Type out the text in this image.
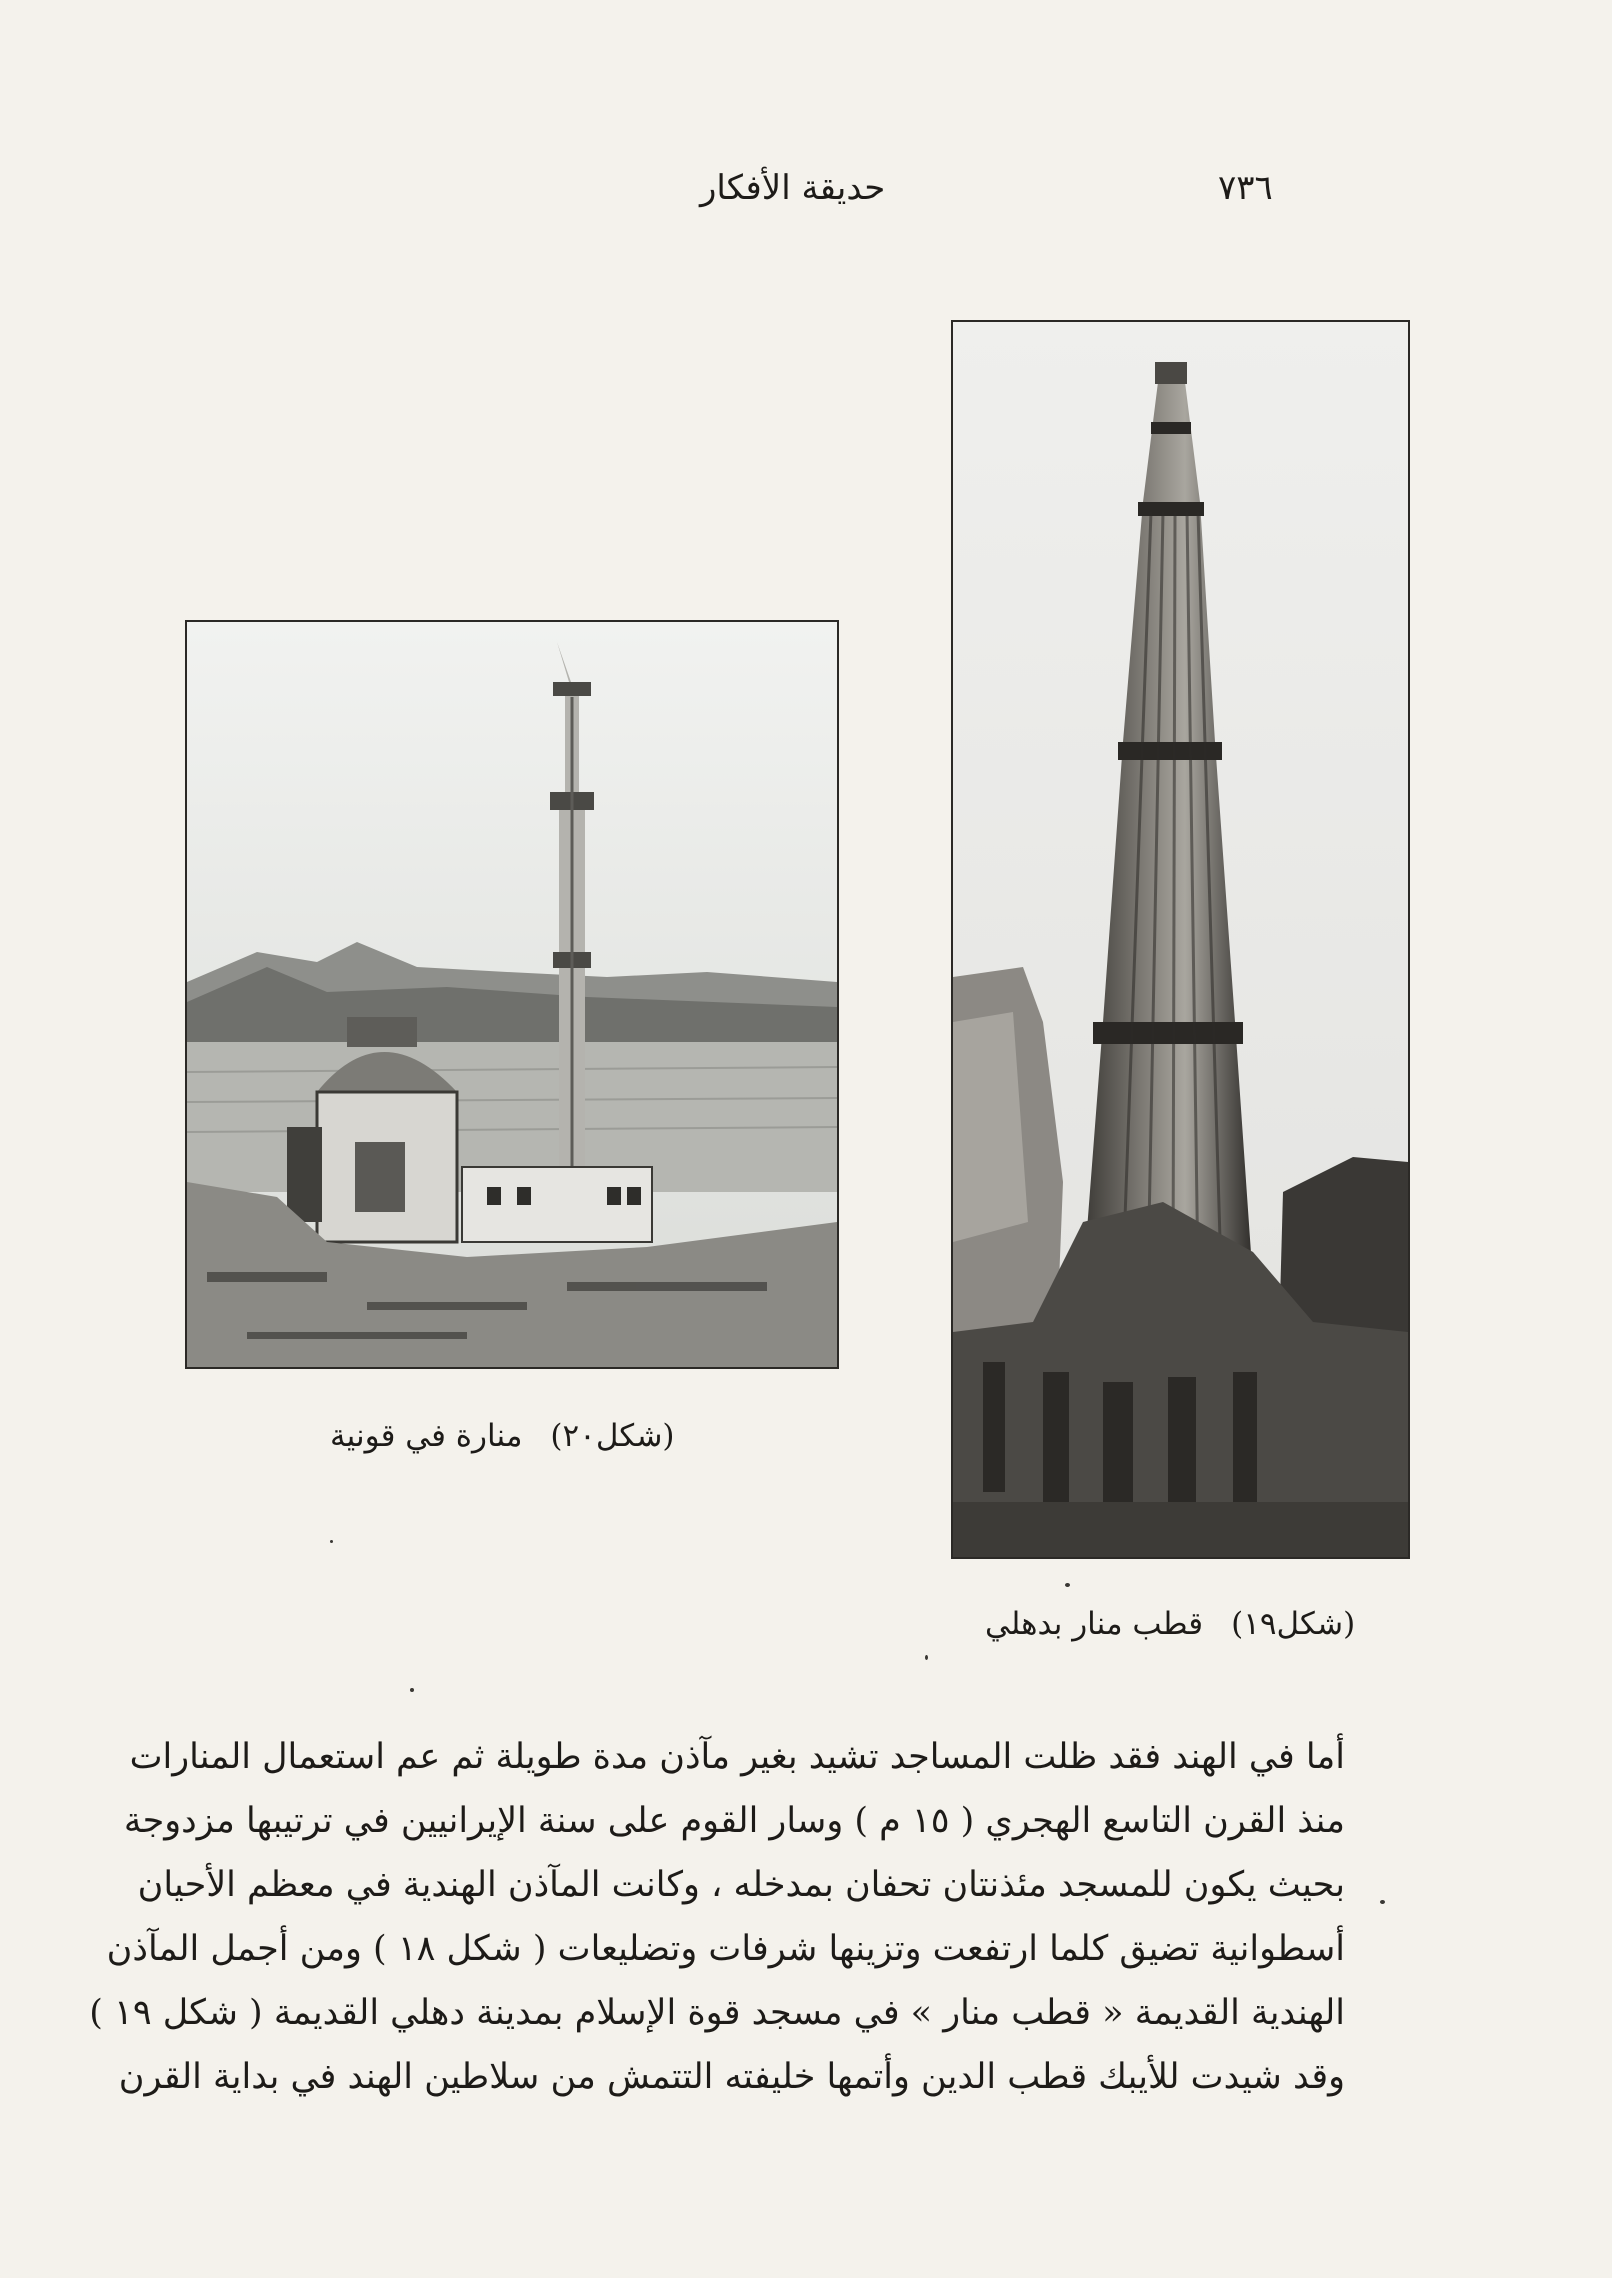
٧٣٦
حديقة الأفكار
(شكل٢٠)منارة في قونية
(شكل١٩)قطب منار بدهلي
أما في الهند فقد ظلت المساجد تشيد بغير مآذن مدة طويلة ثم عم استعمال المنارات
منذ القرن التاسع الهجري ( ١٥ م ) وسار القوم على سنة الإيرانيين في ترتيبها مزدوجة
بحيث يكون للمسجد مئذنتان تحفان بمدخله ، وكانت المآذن الهندية في معظم الأحيان
أسطوانية تضيق كلما ارتفعت وتزينها شرفات وتضليعات ( شكل ١٨ ) ومن أجمل المآذن
الهندية القديمة « قطب منار » في مسجد قوة الإسلام بمدينة دهلي القديمة ( شكل ١٩ )
وقد شيدت للأيبك قطب الدين وأتمها خليفته التتمش من سلاطين الهند في بداية القرن
